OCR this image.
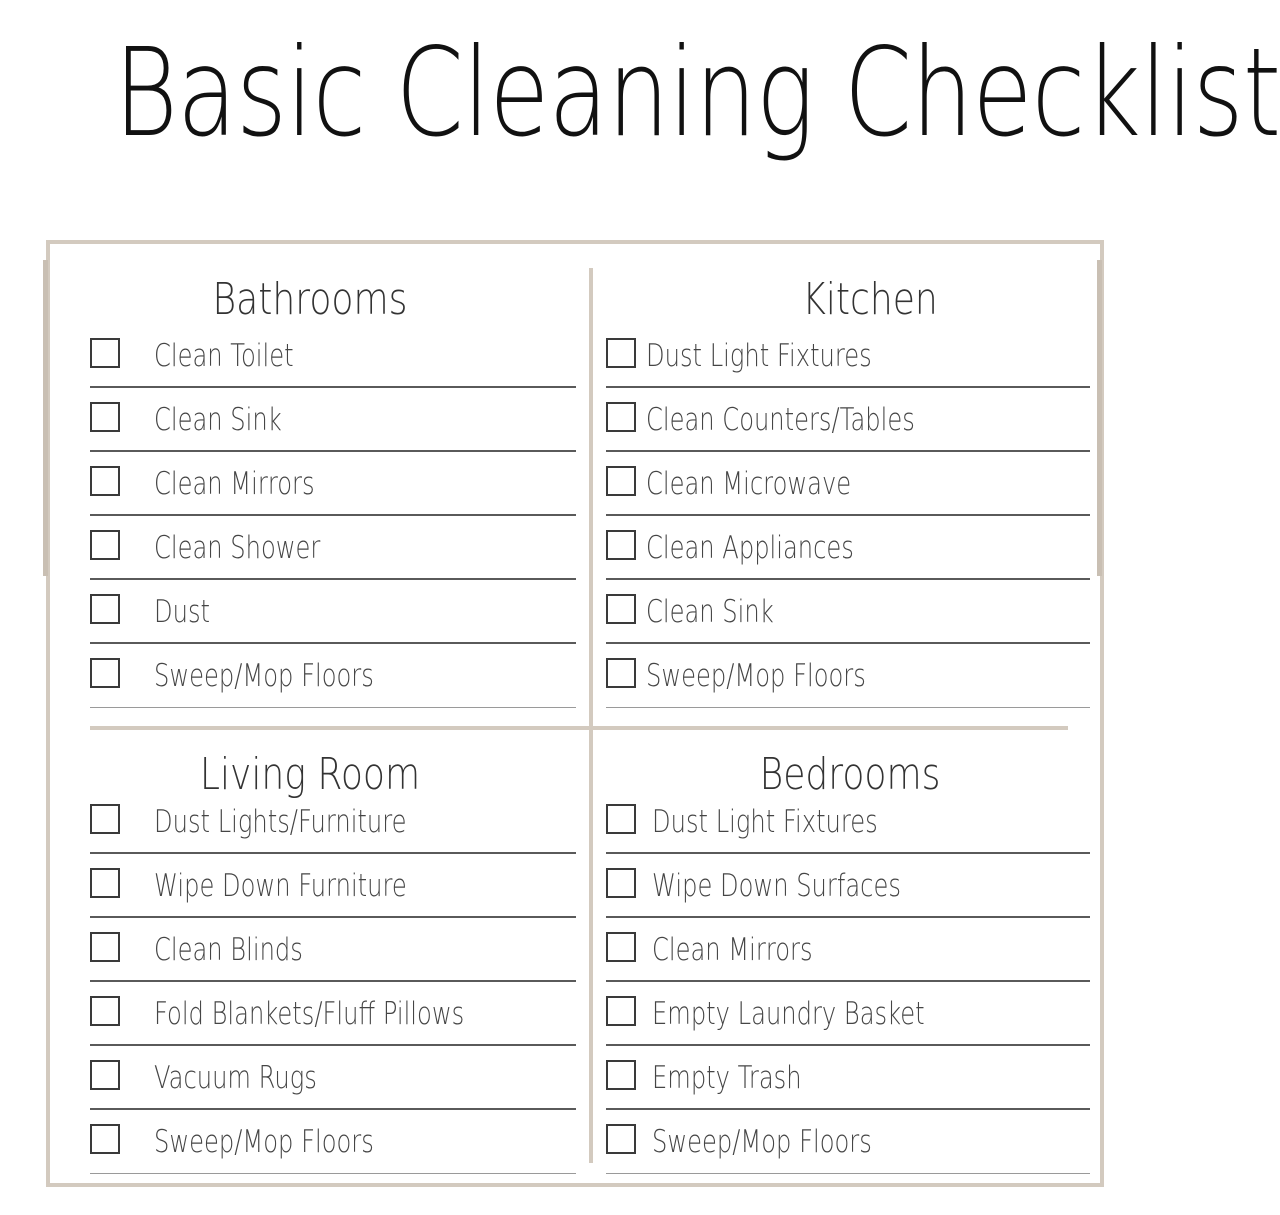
Basic Cleaning Checklist
Bathrooms
Clean Toilet
Clean Sink
Clean Mirrors
Clean Shower
Dust
Sweep/Mop Floors
Kitchen
Dust Light Fixtures
Clean Counters/Tables
Clean Microwave
Clean Appliances
Clean Sink
Sweep/Mop Floors
Living Room
Dust Lights/Furniture
Wipe Down Furniture
Clean Blinds
Fold Blankets/Fluff Pillows
Vacuum Rugs
Sweep/Mop Floors
Bedrooms
Dust Light Fixtures
Wipe Down Surfaces
Clean Mirrors
Empty Laundry Basket
Empty Trash
Sweep/Mop Floors
